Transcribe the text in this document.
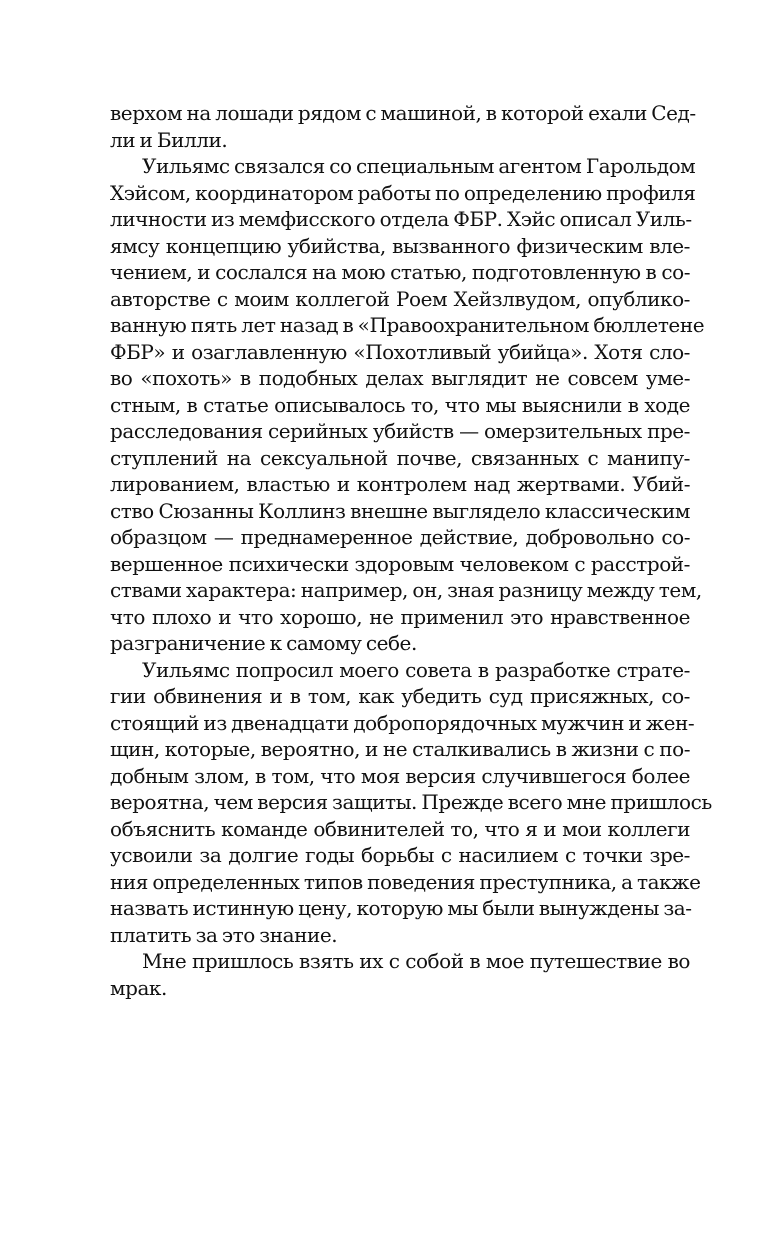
верхом на лошади рядом с машиной, в которой ехали Сед-
ли и Билли.
Уильямс связался со специальным агентом Гарольдом
Хэйсом, координатором работы по определению профиля
личности из мемфисского отдела ФБР. Хэйс описал Уиль-
ямсу концепцию убийства, вызванного физическим вле-
чением, и сослался на мою статью, подготовленную в со-
авторстве с моим коллегой Роем Хейзлвудом, опублико-
ванную пять лет назад в «Правоохранительном бюллетене
ФБР» и озаглавленную «Похотливый убийца». Хотя сло-
во «похоть» в подобных делах выглядит не совсем уме-
стным, в статье описывалось то, что мы выяснили в ходе
расследования серийных убийств — омерзительных пре-
ступлений на сексуальной почве, связанных с манипу-
лированием, властью и контролем над жертвами. Убий-
ство Сюзанны Коллинз внешне выглядело классическим
образцом — преднамеренное действие, добровольно со-
вершенное психически здоровым человеком с расстрой-
ствами характера: например, он, зная разницу между тем,
что плохо и что хорошо, не применил это нравственное
разграничение к самому себе.
Уильямс попросил моего совета в разработке страте-
гии обвинения и в том, как убедить суд присяжных, со-
стоящий из двенадцати добропорядочных мужчин и жен-
щин, которые, вероятно, и не сталкивались в жизни с по-
добным злом, в том, что моя версия случившегося более
вероятна, чем версия защиты. Прежде всего мне пришлось
объяснить команде обвинителей то, что я и мои коллеги
усвоили за долгие годы борьбы с насилием с точки зре-
ния определенных типов поведения преступника, а также
назвать истинную цену, которую мы были вынуждены за-
платить за это знание.
Мне пришлось взять их с собой в мое путешествие во
мрак.
